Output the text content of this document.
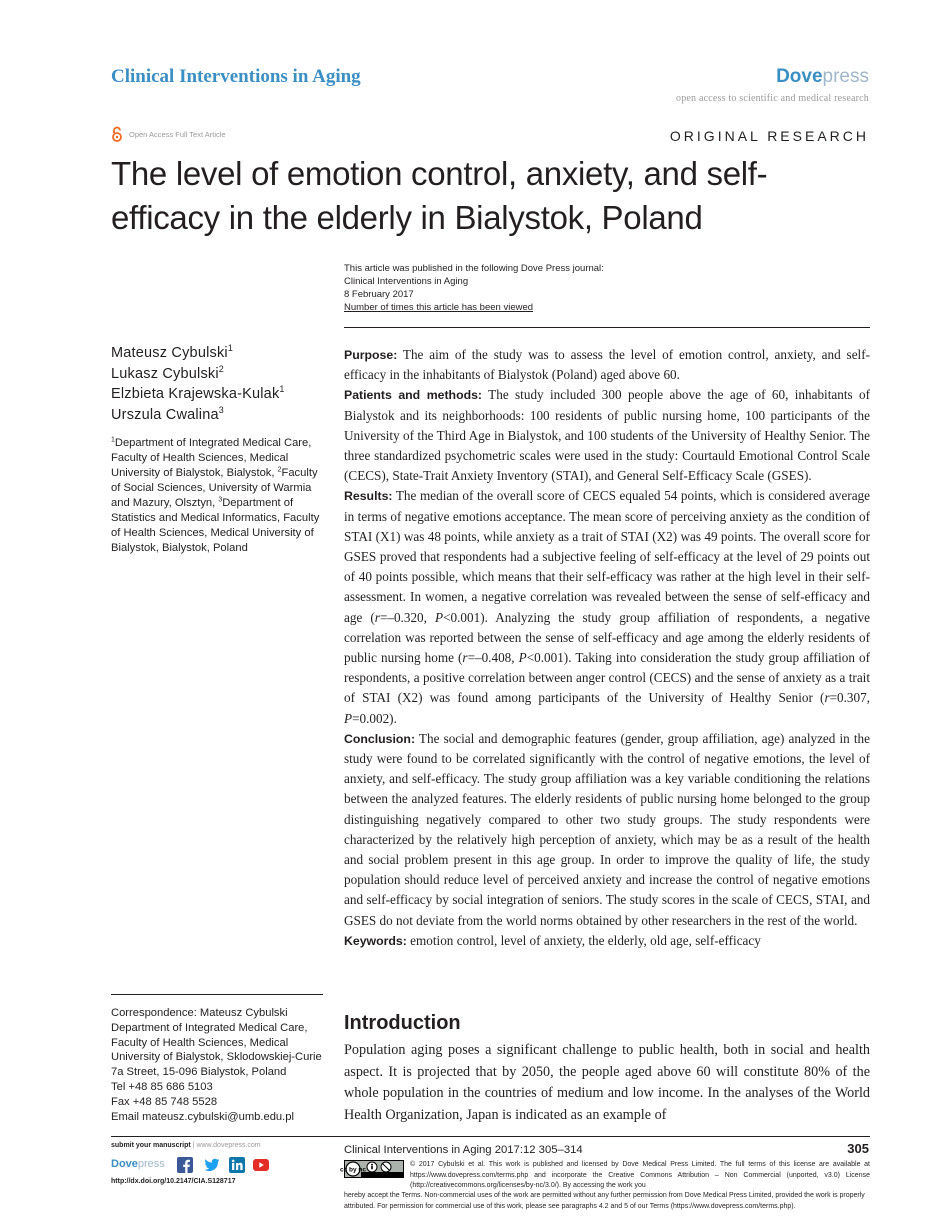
Clinical Interventions in Aging	Dovepress
open access to scientific and medical research
Open Access Full Text Article	ORIGINAL RESEARCH
The level of emotion control, anxiety, and self-efficacy in the elderly in Bialystok, Poland
This article was published in the following Dove Press journal:
Clinical Interventions in Aging
8 February 2017
Number of times this article has been viewed
Mateusz Cybulski$^1$
Lukasz Cybulski$^2$
Elzbieta Krajewska-Kulak$^1$
Urszula Cwalina$^3$
$^1$Department of Integrated Medical Care, Faculty of Health Sciences, Medical University of Bialystok, Bialystok, $^2$Faculty of Social Sciences, University of Warmia and Mazury, Olsztyn, $^3$Department of Statistics and Medical Informatics, Faculty of Health Sciences, Medical University of Bialystok, Bialystok, Poland

Purpose: The aim of the study was to assess the level of emotion control, anxiety, and self-efficacy in the inhabitants of Bialystok (Poland) aged above 60.

Patients and methods: The study included 300 people above the age of 60, inhabitants of Bialystok and its neighborhoods: 100 residents of public nursing home, 100 participants of the University of the Third Age in Bialystok, and 100 students of the University of Healthy Senior. The three standardized psychometric scales were used in the study: Courtauld Emotional Control Scale (CECS), State-Trait Anxiety Inventory (STAI), and General Self-Efficacy Scale (GSES).

Results: The median of the overall score of CECS equaled 54 points, which is considered average in terms of negative emotions acceptance. The mean score of perceiving anxiety as the condition of STAI (X1) was 48 points, while anxiety as a trait of STAI (X2) was 49 points. The overall score for GSES proved that respondents had a subjective feeling of self-efficacy at the level of 29 points out of 40 points possible, which means that their self-efficacy was rather at the high level in their self-assessment. In women, a negative correlation was revealed between the sense of self-efficacy and age (r=–0.320, P<0.001). Analyzing the study group affiliation of respondents, a negative correlation was reported between the sense of self-efficacy and age among the elderly residents of public nursing home (r=–0.408, P<0.001). Taking into consideration the study group affiliation of respondents, a positive correlation between anger control (CECS) and the sense of anxiety as a trait of STAI (X2) was found among participants of the University of Healthy Senior (r=0.307, P=0.002).

Conclusion: The social and demographic features (gender, group affiliation, age) analyzed in the study were found to be correlated significantly with the control of negative emotions, the level of anxiety, and self-efficacy. The study group affiliation was a key variable conditioning the relations between the analyzed features. The elderly residents of public nursing home belonged to the group distinguishing negatively compared to other two study groups. The study respondents were characterized by the relatively high perception of anxiety, which may be as a result of the health and social problem present in this age group. In order to improve the quality of life, the study population should reduce level of perceived anxiety and increase the control of negative emotions and self-efficacy by social integration of seniors. The study scores in the scale of CECS, STAI, and GSES do not deviate from the world norms obtained by other researchers in the rest of the world.

Keywords: emotion control, level of anxiety, the elderly, old age, self-efficacy

Correspondence: Mateusz Cybulski
Department of Integrated Medical Care, Faculty of Health Sciences, Medical University of Bialystok, Sklodowskiej-Curie 7a Street, 15-096 Bialystok, Poland
Tel +48 85 686 5103
Fax +48 85 748 5528
Email mateusz.cybulski@umb.edu.pl
Introduction
Population aging poses a significant challenge to public health, both in social and health aspect. It is projected that by 2050, the people aged above 60 will constitute 80% of the whole population in the countries of medium and low income. In the analyses of the World Health Organization, Japan is indicated as an example of
submit your manuscript | www.dovepress.com
Dovepress
http://dx.doi.org/10.2147/CIA.S128717
Clinical Interventions in Aging 2017:12 305–314	305
cc by nc
© 2017 Cybulski et al. This work is published and licensed by Dove Medical Press Limited. The full terms of this license are available at https://www.dovepress.com/terms.php and incorporate the Creative Commons Attribution – Non Commercial (unported, v3.0) License (http://creativecommons.org/licenses/by-nc/3.0/). By accessing the work you
hereby accept the Terms. Non-commercial uses of the work are permitted without any further permission from Dove Medical Press Limited, provided the work is properly attributed. For permission for commercial use of this work, please see paragraphs 4.2 and 5 of our Terms (https://www.dovepress.com/terms.php).
